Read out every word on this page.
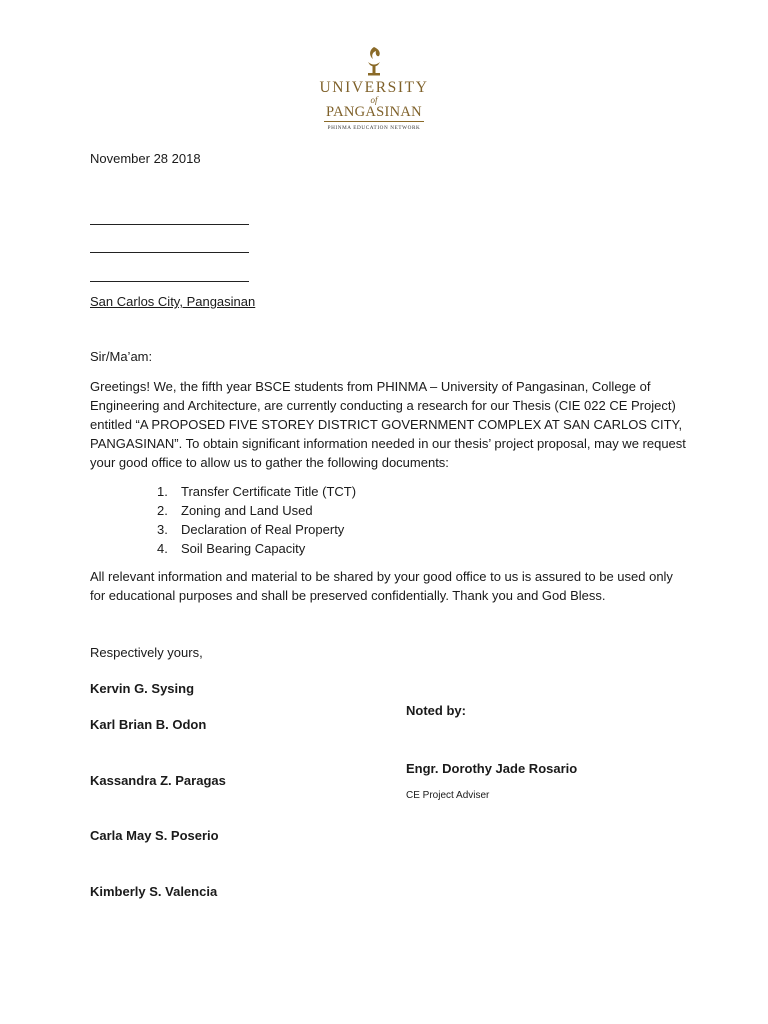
UNIVERSITY
of
PANGASINAN
PHINMA EDUCATION NETWORK
November 28 2018
San Carlos City, Pangasinan
Sir/Ma’am:
Greetings! We, the fifth year BSCE students from PHINMA – University of Pangasinan, College of
Engineering and Architecture, are currently conducting a research for our Thesis (CIE 022 CE Project)
entitled “A PROPOSED FIVE STOREY DISTRICT GOVERNMENT COMPLEX AT SAN CARLOS CITY,
PANGASINAN”. To obtain significant information needed in our thesis’ project proposal, may we request
your good office to allow us to gather the following documents:
1.	Transfer Certificate Title (TCT)
2.	Zoning and Land Used
3.	Declaration of Real Property
4.	Soil Bearing Capacity
All relevant information and material to be shared by your good office to us is assured to be used only
for educational purposes and shall be preserved confidentially. Thank you and God Bless.
Respectively yours,
Kervin G. Sysing
Karl Brian B. Odon
Kassandra Z. Paragas
Carla May S. Poserio
Kimberly S. Valencia
Noted by:
Engr. Dorothy Jade Rosario
CE Project Adviser
